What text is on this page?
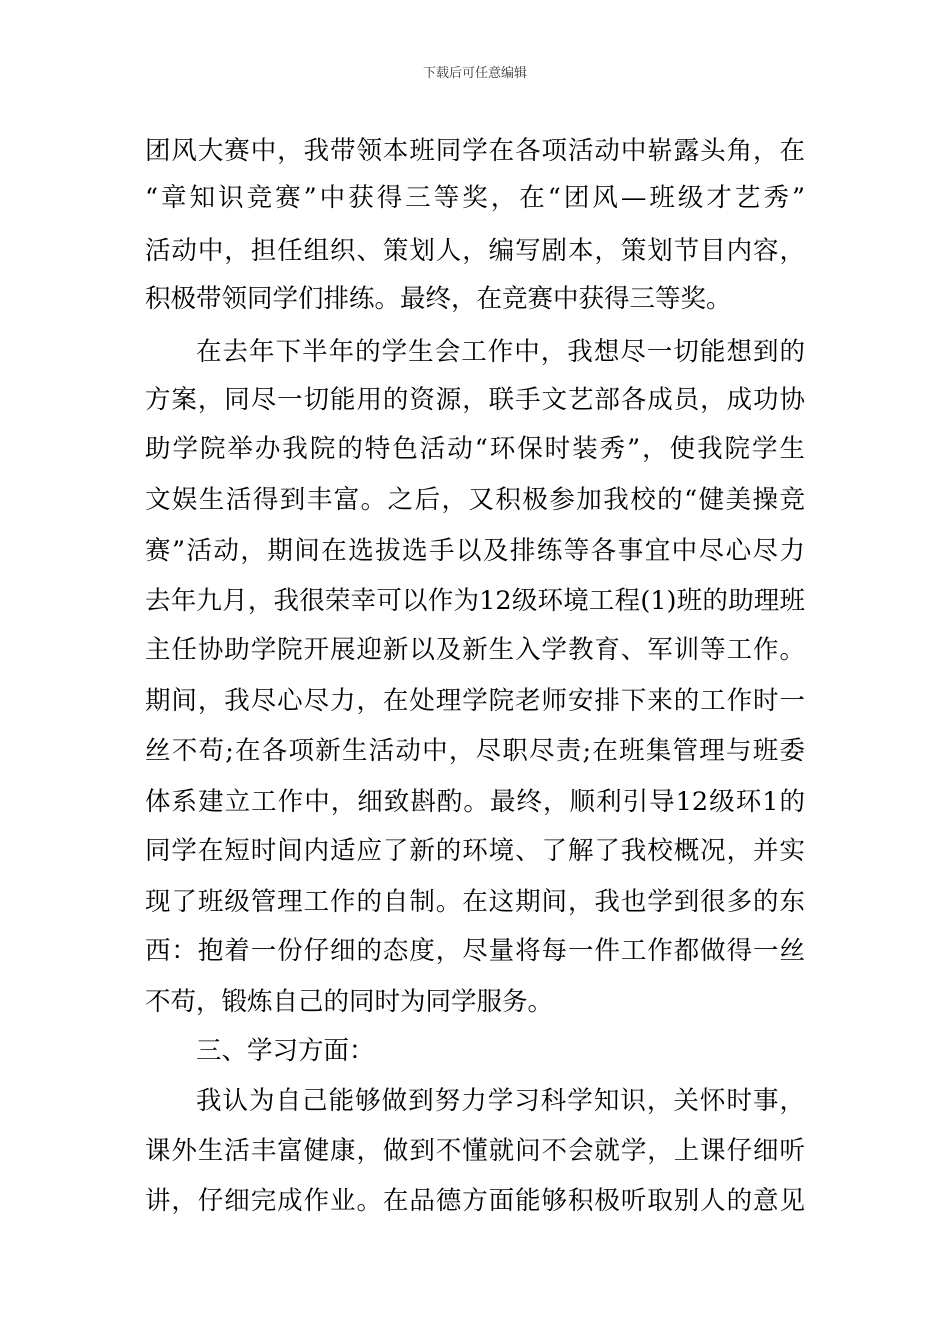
下载后可任意编辑
团风大赛中，我带领本班同学在各项活动中崭露头角，在
“章知识竞赛”中获得三等奖，在“团风—班级才艺秀”
活动中，担任组织、策划人，编写剧本，策划节目内容，
积极带领同学们排练。最终，在竞赛中获得三等奖。
在去年下半年的学生会工作中，我想尽一切能想到的
方案，同尽一切能用的资源，联手文艺部各成员，成功协
助学院举办我院的特色活动“环保时装秀”，使我院学生
文娱生活得到丰富。之后，又积极参加我校的“健美操竞
赛”活动，期间在选拔选手以及排练等各事宜中尽心尽力
去年九月，我很荣幸可以作为12级环境工程(1)班的助理班
主任协助学院开展迎新以及新生入学教育、军训等工作。
期间，我尽心尽力，在处理学院老师安排下来的工作时一
丝不苟;在各项新生活动中，尽职尽责;在班集管理与班委
体系建立工作中，细致斟酌。最终，顺利引导12级环1的
同学在短时间内适应了新的环境、了解了我校概况，并实
现了班级管理工作的自制。在这期间，我也学到很多的东
西：抱着一份仔细的态度，尽量将每一件工作都做得一丝
不苟，锻炼自己的同时为同学服务。
三、学习方面：
我认为自己能够做到努力学习科学知识，关怀时事，
课外生活丰富健康，做到不懂就问不会就学，上课仔细听
讲，仔细完成作业。在品德方面能够积极听取别人的意见
